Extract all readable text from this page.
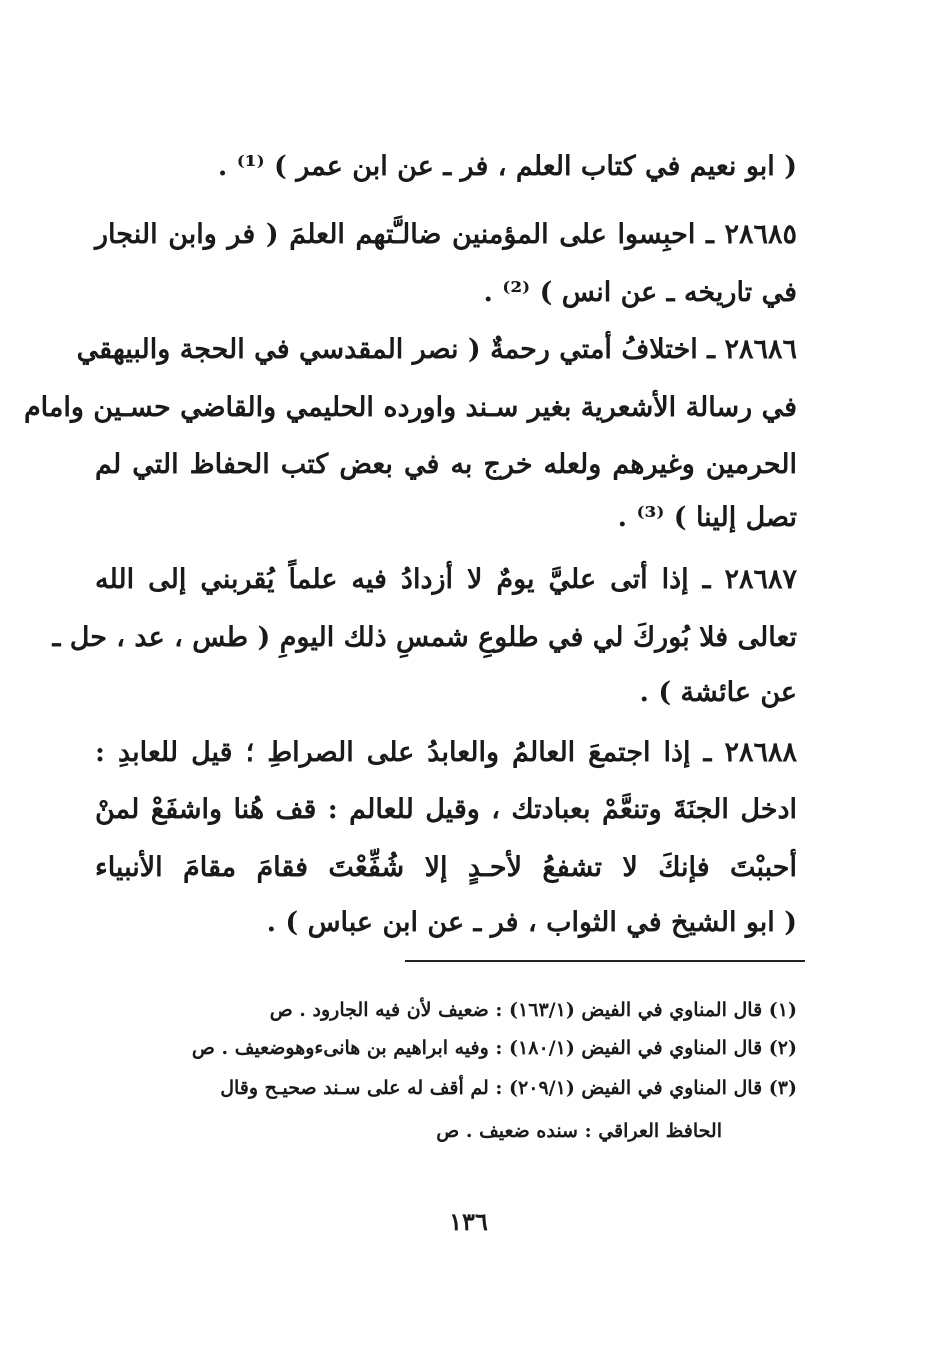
( ابو نعيم في كتاب العلم ، فر ـ عن ابن عمر ) ⁽¹⁾ .
٢٨٦٨٥ ـ احبِسوا على المؤمنين ضالـَّتهم العلمَ ( فر وابن النجار
في تاريخه ـ عن انس ) ⁽²⁾ .
٢٨٦٨٦ ـ اختلافُ أمتي رحمةٌ ( نصر المقدسي في الحجة والبيهقي
في رسالة الأشعرية بغير سـند واورده الحليمي والقاضي حسـين وامام
الحرمين وغيرهم ولعله خرج به في بعض كتب الحفاظ التي لم
تصل إلينا ) ⁽³⁾ .
٢٨٦٨٧ ـ إذا أتى عليَّ يومٌ لا أزدادُ فيه علماً يُقربني إلى الله
تعالى فلا بُوركَ لي في طلوعِ شمسِ ذلك اليومِ ( طس ، عد ، حل ـ
عن عائشة ) .
٢٨٦٨٨ ـ إذا اجتمعَ العالمُ والعابدُ على الصراطِ ؛ قيل للعابدِ :
ادخل الجنَةَ وتنعَّمْ بعبادتك ، وقيل للعالم : قف هُنا واشفَعْ لمنْ
أحببْتَ فإنكَ لا تشفعُ لأحـدٍ إلا شُفِّعْتَ فقامَ مقامَ الأنبياء
( ابو الشيخ في الثواب ، فر ـ عن ابن عباس ) .
(١) قال المناوي في الفيض (١٦٣/١) : ضعيف لأن فيه الجارود . ص
(٢) قال المناوي في الفيض (١٨٠/١) : وفيه ابراهيم بن هانىءوهوضعيف . ص
(٣) قال المناوي في الفيض (٢٠٩/١) : لم أقف له على سـند صحيـح وقال
الحافظ العراقي : سنده ضعيف . ص
١٣٦
